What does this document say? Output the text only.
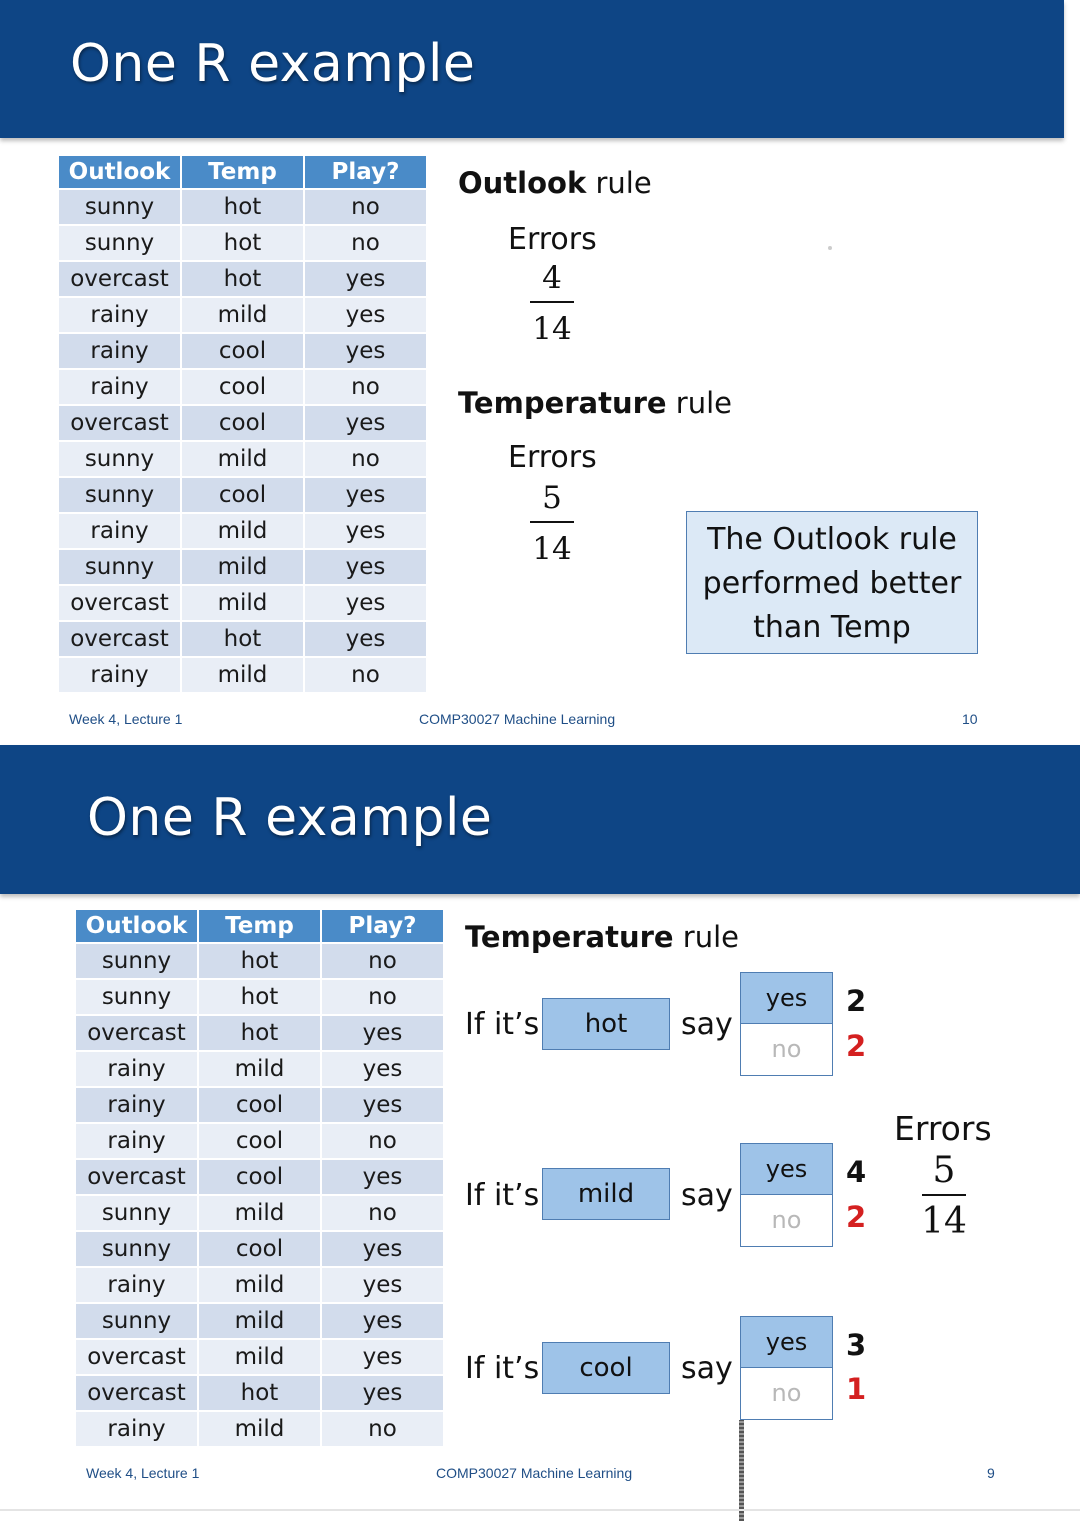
One R example
Outlook	Temp	Play?
sunny	hot	no
sunny	hot	no
overcast	hot	yes
rainy	mild	yes
rainy	cool	yes
rainy	cool	no
overcast	cool	yes
sunny	mild	no
sunny	cool	yes
rainy	mild	yes
sunny	mild	yes
overcast	mild	yes
overcast	hot	yes
rainy	mild	no
Outlook rule
Errors
4
14
Temperature rule
Errors
5
14	The Outlook rule
performed better
than Temp
Week 4, Lecture 1	COMP30027 Machine Learning	10
One R example
Outlook	Temp	Play?
sunny	hot	no
sunny	hot	no
overcast	hot	yes
rainy	mild	yes
rainy	cool	yes
rainy	cool	no
overcast	cool	yes
sunny	mild	no
sunny	cool	yes
rainy	mild	yes
sunny	mild	yes
overcast	mild	yes
overcast	hot	yes
rainy	mild	no
Temperature rule
If it’s	hot	say
yes
no
2
2
If it’s	mild	say
yes
no
4
2
If it’s	cool	say
yes
no
3
1
Errors
5
14
Week 4, Lecture 1	COMP30027 Machine Learning	9
